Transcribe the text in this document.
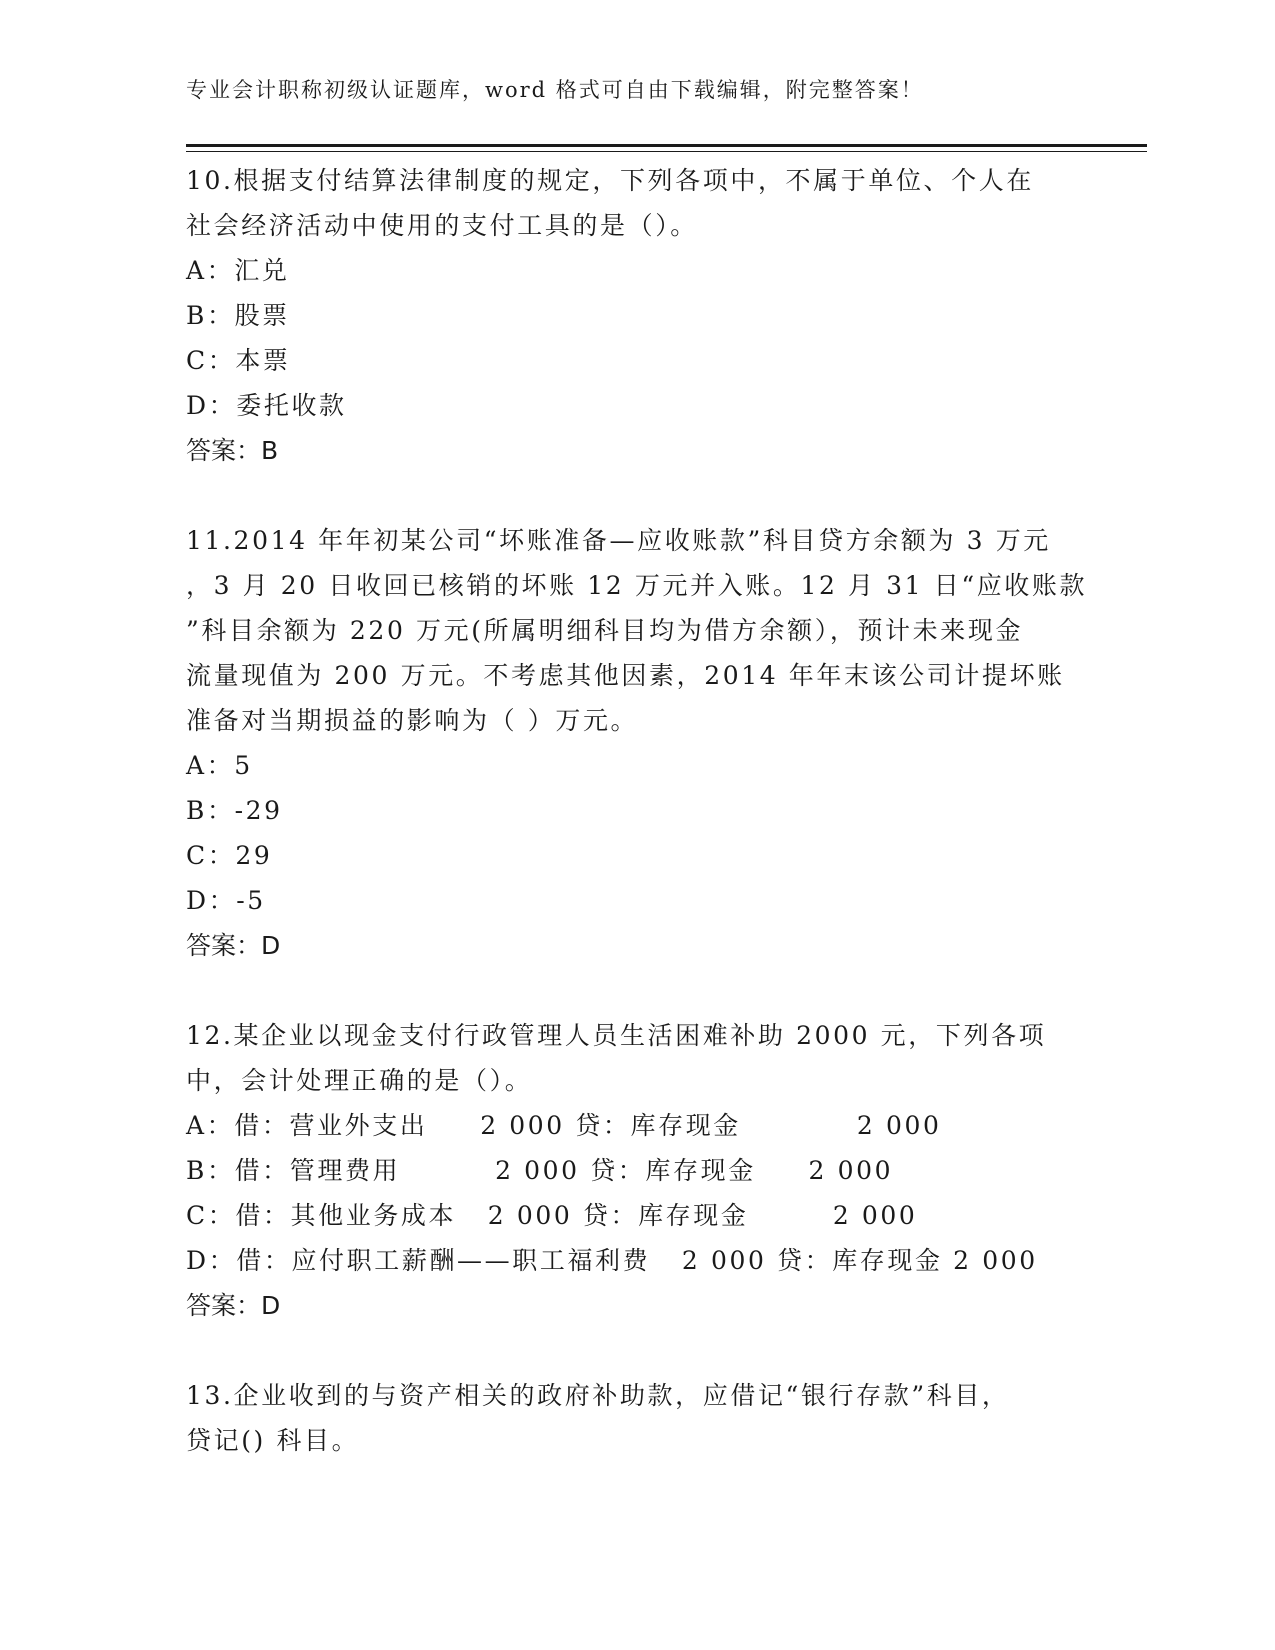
专业会计职称初级认证题库，word 格式可自由下载编辑，附完整答案！
10.根据支付结算法律制度的规定，下列各项中，不属于单位、个人在
社会经济活动中使用的支付工具的是（）。
A：汇兑
B：股票
C：本票
D：委托收款
答案：B
11.2014 年年初某公司“坏账准备—应收账款”科目贷方余额为 3 万元
，3 月 20 日收回已核销的坏账 12 万元并入账。12 月 31 日“应收账款
”科目余额为 220 万元(所属明细科目均为借方余额），预计未来现金
流量现值为 200 万元。不考虑其他因素，2014 年年末该公司计提坏账
准备对当期损益的影响为（ ）万元。
A：5
B：-29
C：29
D：-5
答案：D
12.某企业以现金支付行政管理人员生活困难补助 2000 元，下列各项
中，会计处理正确的是（）。
A：借：营业外支出     2 000 贷：库存现金           2 000
B：借：管理费用         2 000 贷：库存现金     2 000
C：借：其他业务成本   2 000 贷：库存现金        2 000
D：借：应付职工薪酬——职工福利费   2 000 贷：库存现金 2 000
答案：D
13.企业收到的与资产相关的政府补助款，应借记“银行存款”科目，
贷记() 科目。
